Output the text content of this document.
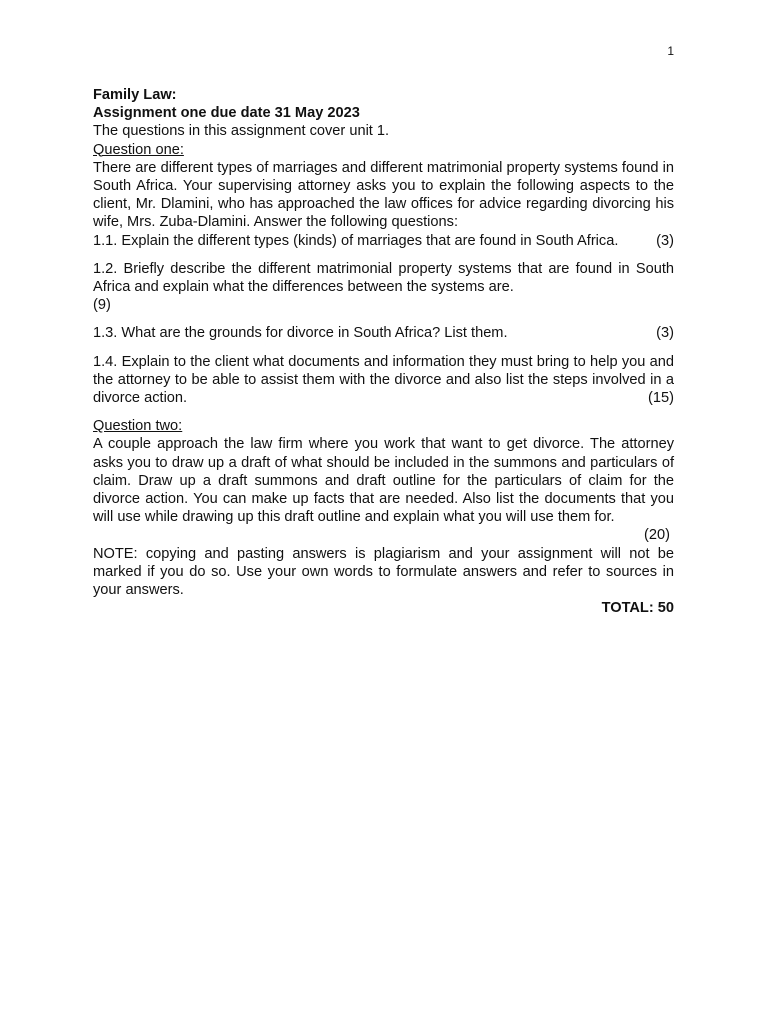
1

Family Law:

Assignment one due date 31 May 2023

The questions in this assignment cover unit 1.

Question one:

There are different types of marriages and different matrimonial property systems found in South Africa. Your supervising attorney asks you to explain the following aspects to the client, Mr. Dlamini, who has approached the law offices for advice regarding divorcing his wife, Mrs. Zuba-Dlamini. Answer the following questions:

1.1. Explain the different types (kinds) of marriages that are found in South Africa.	(3)

1.2. Briefly describe the different matrimonial property systems that are found in South Africa and explain what the differences between the systems are.

(9)

1.3. What are the grounds for divorce in South Africa? List them.	(3)

1.4. Explain to the client what documents and information they must bring to help you and the attorney to be able to assist them with the divorce and also list the steps involved in a divorce action.	(15)

Question two:

A couple approach the law firm where you work that want to get divorce. The attorney asks you to draw up a draft of what should be included in the summons and particulars of claim. Draw up a draft summons and draft outline for the particulars of claim for the divorce action. You can make up facts that are needed. Also list the documents that you will use while drawing up this draft outline and explain what you will use them for.

(20)

NOTE: copying and pasting answers is plagiarism and your assignment will not be marked if you do so. Use your own words to formulate answers and refer to sources in your answers.

TOTAL: 50
